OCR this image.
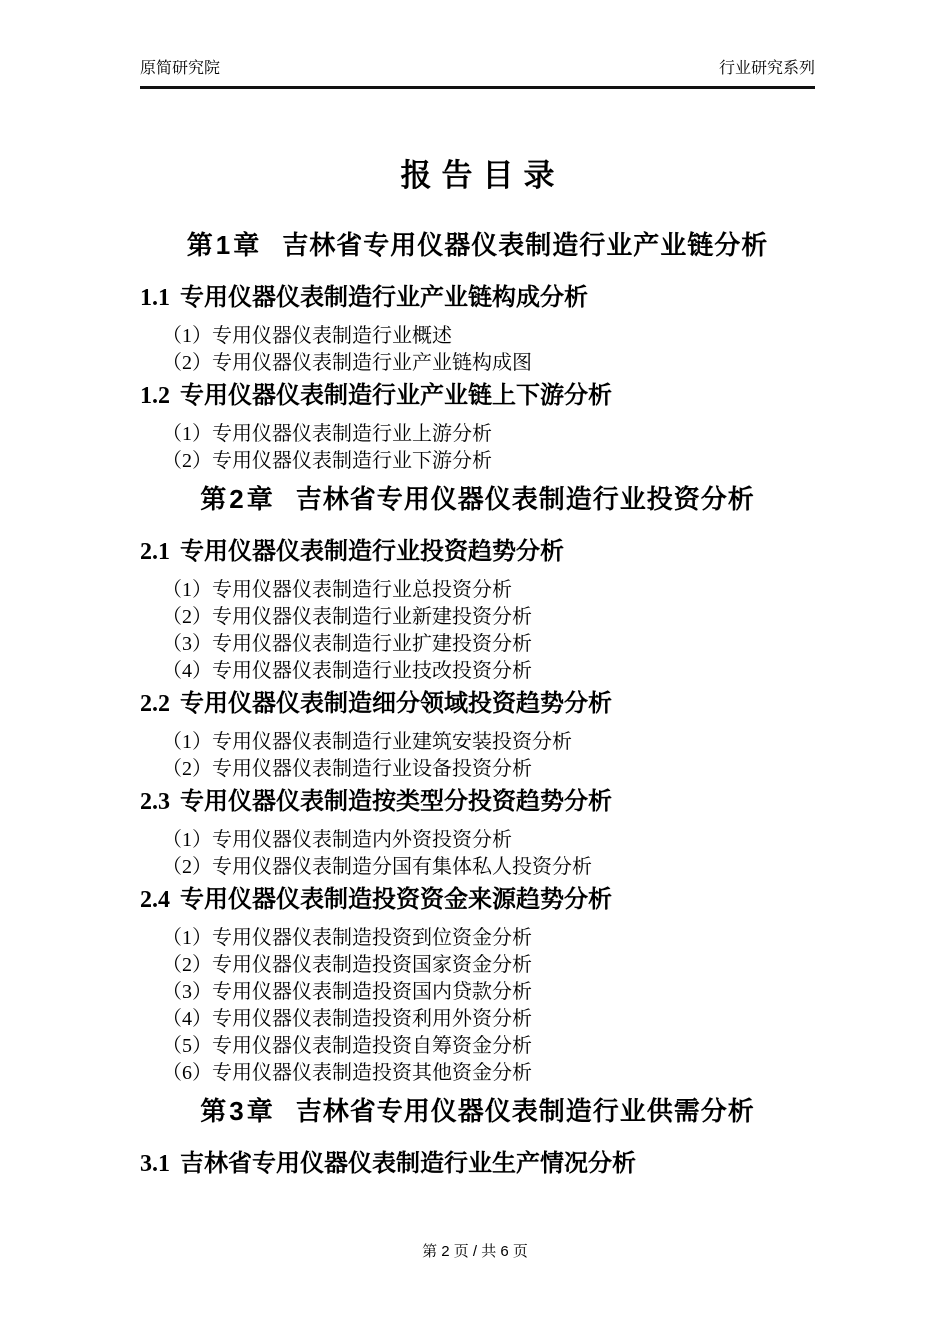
原简研究院	行业研究系列
报告目录
第1章 吉林省专用仪器仪表制造行业产业链分析
1.1 专用仪器仪表制造行业产业链构成分析
（1）专用仪器仪表制造行业概述
（2）专用仪器仪表制造行业产业链构成图
1.2 专用仪器仪表制造行业产业链上下游分析
（1）专用仪器仪表制造行业上游分析
（2）专用仪器仪表制造行业下游分析
第2章 吉林省专用仪器仪表制造行业投资分析
2.1 专用仪器仪表制造行业投资趋势分析
（1）专用仪器仪表制造行业总投资分析
（2）专用仪器仪表制造行业新建投资分析
（3）专用仪器仪表制造行业扩建投资分析
（4）专用仪器仪表制造行业技改投资分析
2.2 专用仪器仪表制造细分领域投资趋势分析
（1）专用仪器仪表制造行业建筑安装投资分析
（2）专用仪器仪表制造行业设备投资分析
2.3 专用仪器仪表制造按类型分投资趋势分析
（1）专用仪器仪表制造内外资投资分析
（2）专用仪器仪表制造分国有集体私人投资分析
2.4 专用仪器仪表制造投资资金来源趋势分析
（1）专用仪器仪表制造投资到位资金分析
（2）专用仪器仪表制造投资国家资金分析
（3）专用仪器仪表制造投资国内贷款分析
（4）专用仪器仪表制造投资利用外资分析
（5）专用仪器仪表制造投资自筹资金分析
（6）专用仪器仪表制造投资其他资金分析
第3章 吉林省专用仪器仪表制造行业供需分析
3.1 吉林省专用仪器仪表制造行业生产情况分析
第 2 页 / 共 6 页
